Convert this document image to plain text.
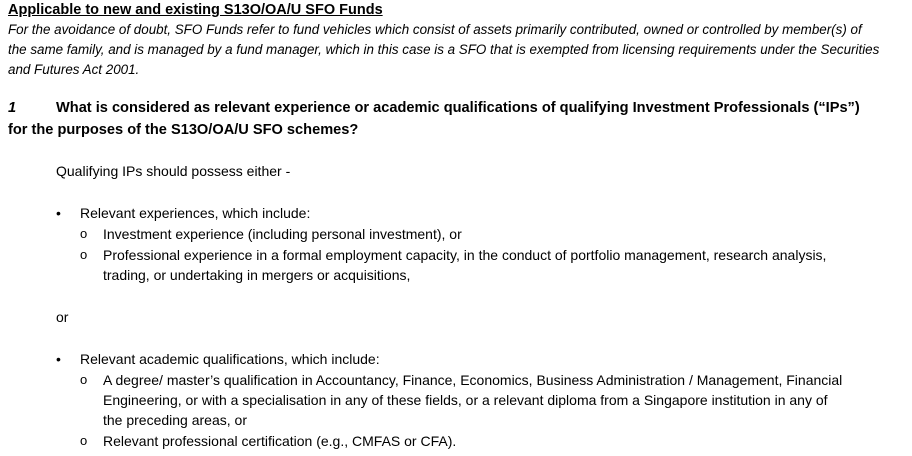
Applicable to new and existing S13O/OA/U SFO Funds
For the avoidance of doubt, SFO Funds refer to fund vehicles which consist of assets primarily contributed, owned or controlled by member(s) of
the same family, and is managed by a fund manager, which in this case is a SFO that is exempted from licensing requirements under the Securities
and Futures Act 2001.
1	What is considered as relevant experience or academic qualifications of qualifying Investment Professionals (“IPs”)
for the purposes of the S13O/OA/U SFO schemes?
Qualifying IPs should possess either -
• Relevant experiences, which include:
o Investment experience (including personal investment), or
o Professional experience in a formal employment capacity, in the conduct of portfolio management, research analysis,
trading, or undertaking in mergers or acquisitions,
or
• Relevant academic qualifications, which include:
o A degree/ master’s qualification in Accountancy, Finance, Economics, Business Administration / Management, Financial
Engineering, or with a specialisation in any of these fields, or a relevant diploma from a Singapore institution in any of
the preceding areas, or
o Relevant professional certification (e.g., CMFAS or CFA).
